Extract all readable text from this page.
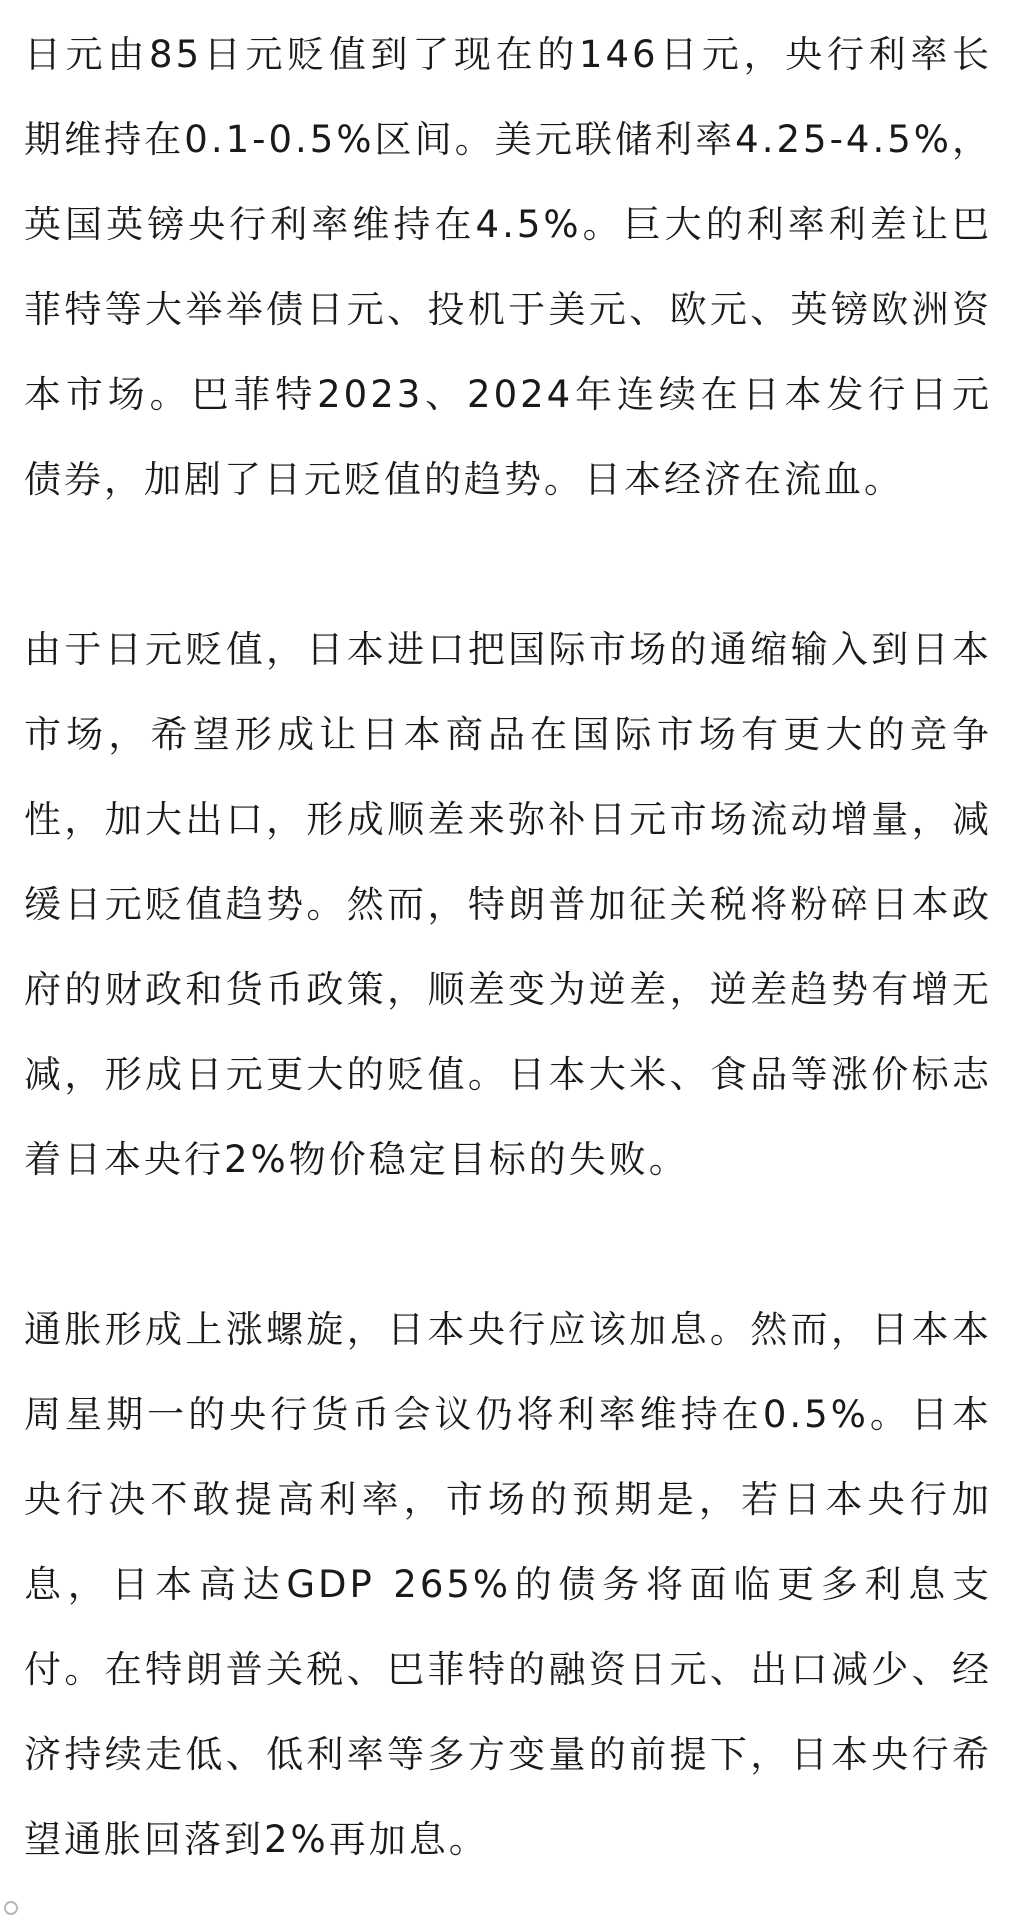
日元由85日元贬值到了现在的146日元，央行利率长期维持在0.1-0.5%区间。美元联储利率4.25-4.5%，英国英镑央行利率维持在4.5%。巨大的利率利差让巴菲特等大举举债日元、投机于美元、欧元、英镑欧洲资本市场。巴菲特2023、2024年连续在日本发行日元债券，加剧了日元贬值的趋势。日本经济在流血。

由于日元贬值，日本进口把国际市场的通缩输入到日本市场，希望形成让日本商品在国际市场有更大的竞争性，加大出口，形成顺差来弥补日元市场流动增量，减缓日元贬值趋势。然而，特朗普加征关税将粉碎日本政府的财政和货币政策，顺差变为逆差，逆差趋势有增无减，形成日元更大的贬值。日本大米、食品等涨价标志着日本央行2%物价稳定目标的失败。

通胀形成上涨螺旋，日本央行应该加息。然而，日本本周星期一的央行货币会议仍将利率维持在0.5%。日本央行决不敢提高利率，市场的预期是，若日本央行加息，日本高达GDP 265%的债务将面临更多利息支付。在特朗普关税、巴菲特的融资日元、出口减少、经济持续走低、低利率等多方变量的前提下，日本央行希望通胀回落到2%再加息。
